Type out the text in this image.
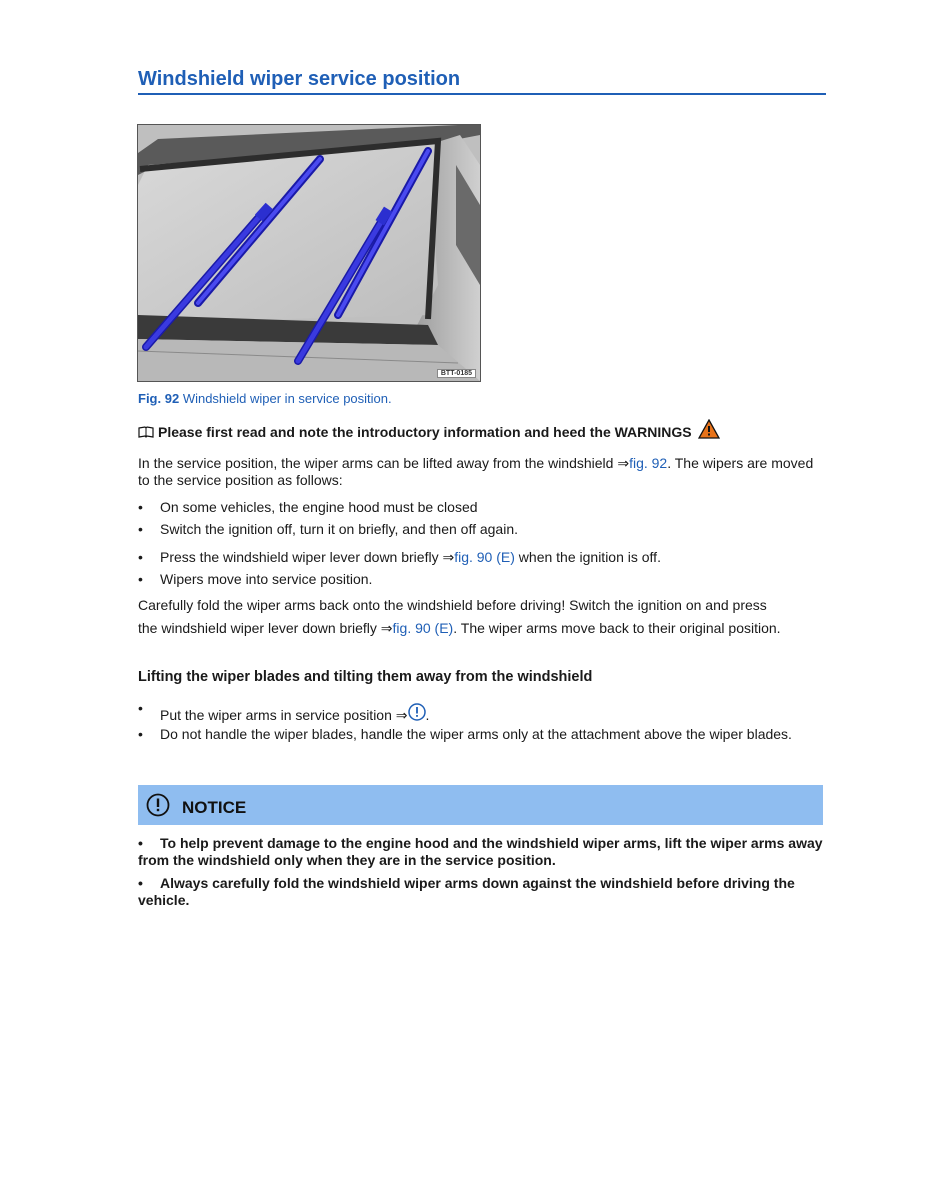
Windshield wiper service position
BTT-0185
Fig. 92 Windshield wiper in service position.
Please first read and note the introductory information and heed the WARNINGS
In the service position, the wiper arms can be lifted away from the windshield ⇒fig. 92. The wipers are moved to the service position as follows:
•	On some vehicles, the engine hood must be closed
•	Switch the ignition off, turn it on briefly, and then off again.
•	Press the windshield wiper lever down briefly ⇒fig. 90 (E) when the ignition is off.
•	Wipers move into service position.
Carefully fold the wiper arms back onto the windshield before driving! Switch the ignition on and press
the windshield wiper lever down briefly ⇒fig. 90 (E). The wiper arms move back to their original position.
Lifting the wiper blades and tilting them away from the windshield
•	Put the wiper arms in service position ⇒ .
•	Do not handle the wiper blades, handle the wiper arms only at the attachment above the wiper blades.
NOTICE
•	To help prevent damage to the engine hood and the windshield wiper arms, lift the wiper arms away from the windshield only when they are in the service position.
•	Always carefully fold the windshield wiper arms down against the windshield before driving the vehicle.
